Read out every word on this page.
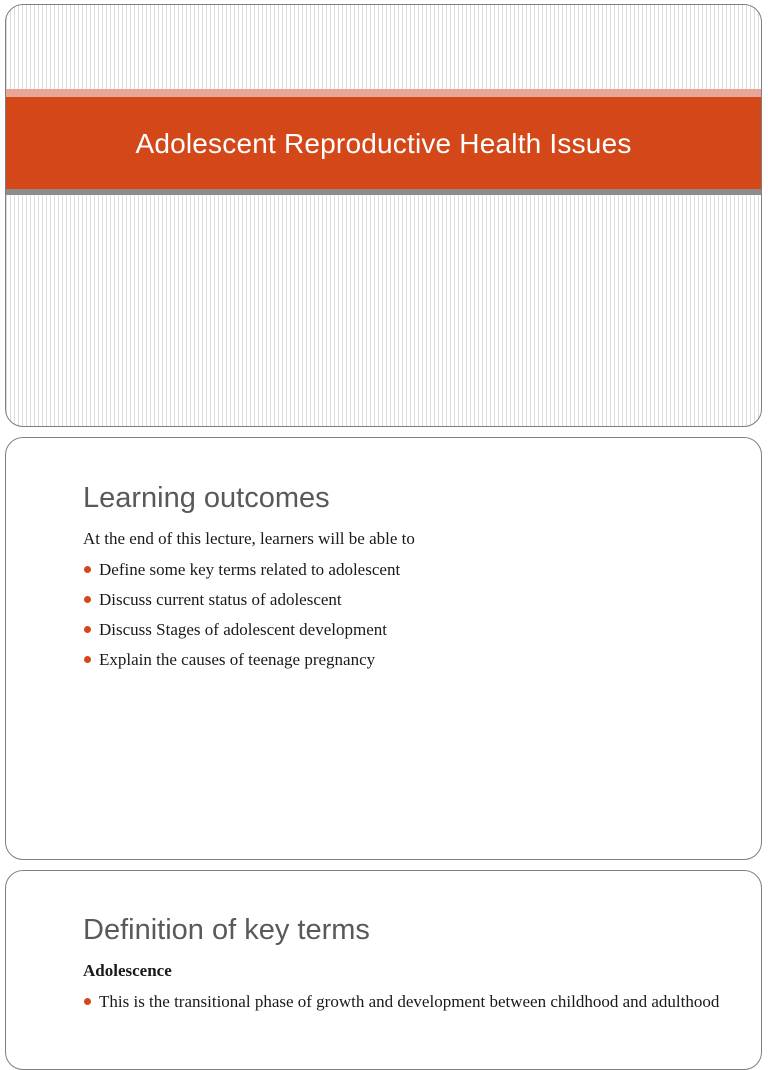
Adolescent Reproductive Health Issues
Learning outcomes

At the end of this lecture, learners will be able to

Define some key terms related to adolescent
Discuss current status of adolescent
Discuss Stages of adolescent development
Explain the causes of teenage pregnancy
Definition of key terms

Adolescence

This is the transitional phase of growth and development between childhood and adulthood
